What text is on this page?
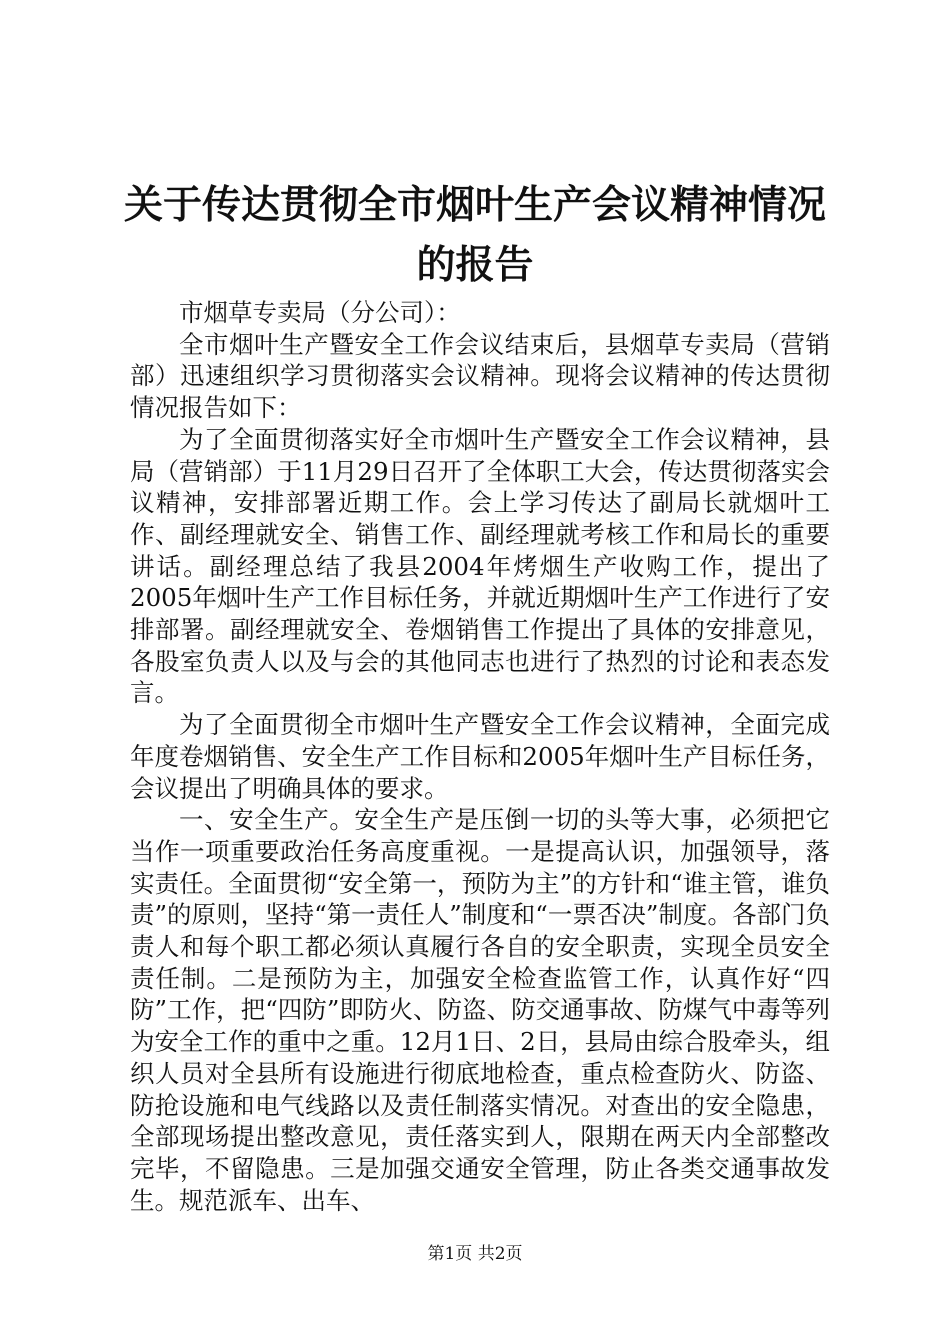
关于传达贯彻全市烟叶生产会议精神情况的报告

市烟草专卖局（分公司）：

全市烟叶生产暨安全工作会议结束后，县烟草专卖局（营销部）迅速组织学习贯彻落实会议精神。现将会议精神的传达贯彻情况报告如下：

为了全面贯彻落实好全市烟叶生产暨安全工作会议精神，县局（营销部）于11月29日召开了全体职工大会，传达贯彻落实会议精神，安排部署近期工作。会上学习传达了副局长就烟叶工作、副经理就安全、销售工作、副经理就考核工作和局长的重要讲话。副经理总结了我县2004年烤烟生产收购工作，提出了2005年烟叶生产工作目标任务，并就近期烟叶生产工作进行了安排部署。副经理就安全、卷烟销售工作提出了具体的安排意见，各股室负责人以及与会的其他同志也进行了热烈的讨论和表态发言。

为了全面贯彻全市烟叶生产暨安全工作会议精神，全面完成年度卷烟销售、安全生产工作目标和2005年烟叶生产目标任务，会议提出了明确具体的要求。

一、安全生产。安全生产是压倒一切的头等大事，必须把它当作一项重要政治任务高度重视。一是提高认识，加强领导，落实责任。全面贯彻“安全第一，预防为主”的方针和“谁主管，谁负责”的原则，坚持“第一责任人”制度和“一票否决”制度。各部门负责人和每个职工都必须认真履行各自的安全职责，实现全员安全责任制。二是预防为主，加强安全检查监管工作，认真作好“四防”工作，把“四防”即防火、防盗、防交通事故、防煤气中毒等列为安全工作的重中之重。12月1日、2日，县局由综合股牵头，组织人员对全县所有设施进行彻底地检查，重点检查防火、防盗、防抢设施和电气线路以及责任制落实情况。对查出的安全隐患，全部现场提出整改意见，责任落实到人，限期在两天内全部整改完毕，不留隐患。三是加强交通安全管理，防止各类交通事故发生。规范派车、出车、

第1页 共2页
